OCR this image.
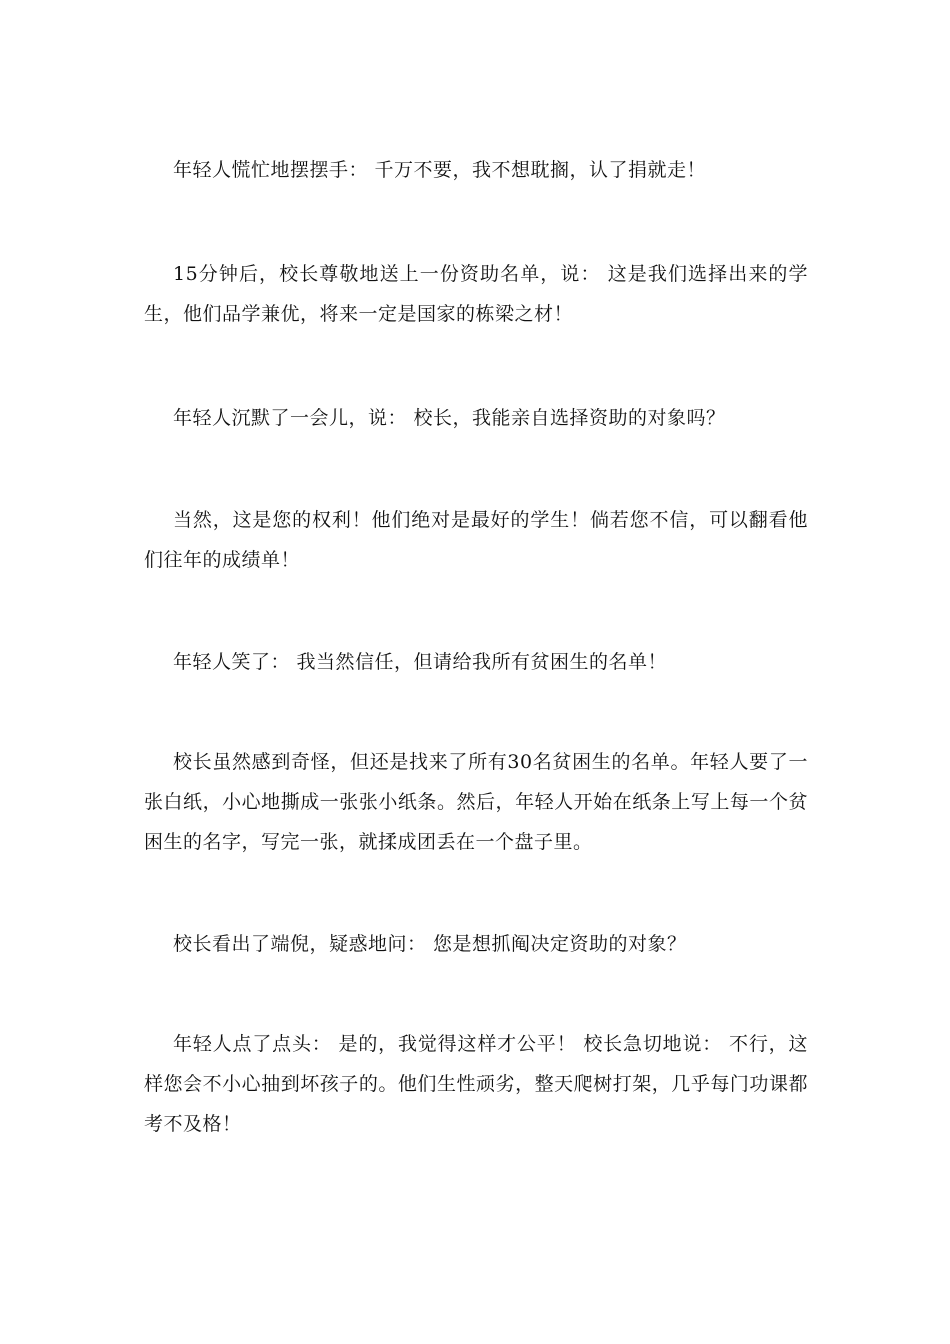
年轻人慌忙地摆摆手： 千万不要，我不想耽搁，认了捐就走！

15分钟后，校长尊敬地送上一份资助名单，说： 这是我们选择出来的学生，他们品学兼优，将来一定是国家的栋梁之材！

年轻人沉默了一会儿，说： 校长，我能亲自选择资助的对象吗？

当然，这是您的权利！他们绝对是最好的学生！倘若您不信，可以翻看他们往年的成绩单！

年轻人笑了： 我当然信任，但请给我所有贫困生的名单！

校长虽然感到奇怪，但还是找来了所有30名贫困生的名单。年轻人要了一张白纸，小心地撕成一张张小纸条。然后，年轻人开始在纸条上写上每一个贫困生的名字，写完一张，就揉成团丢在一个盘子里。

校长看出了端倪，疑惑地问： 您是想抓阄决定资助的对象？

年轻人点了点头： 是的，我觉得这样才公平！ 校长急切地说： 不行，这样您会不小心抽到坏孩子的。他们生性顽劣，整天爬树打架，几乎每门功课都考不及格！
